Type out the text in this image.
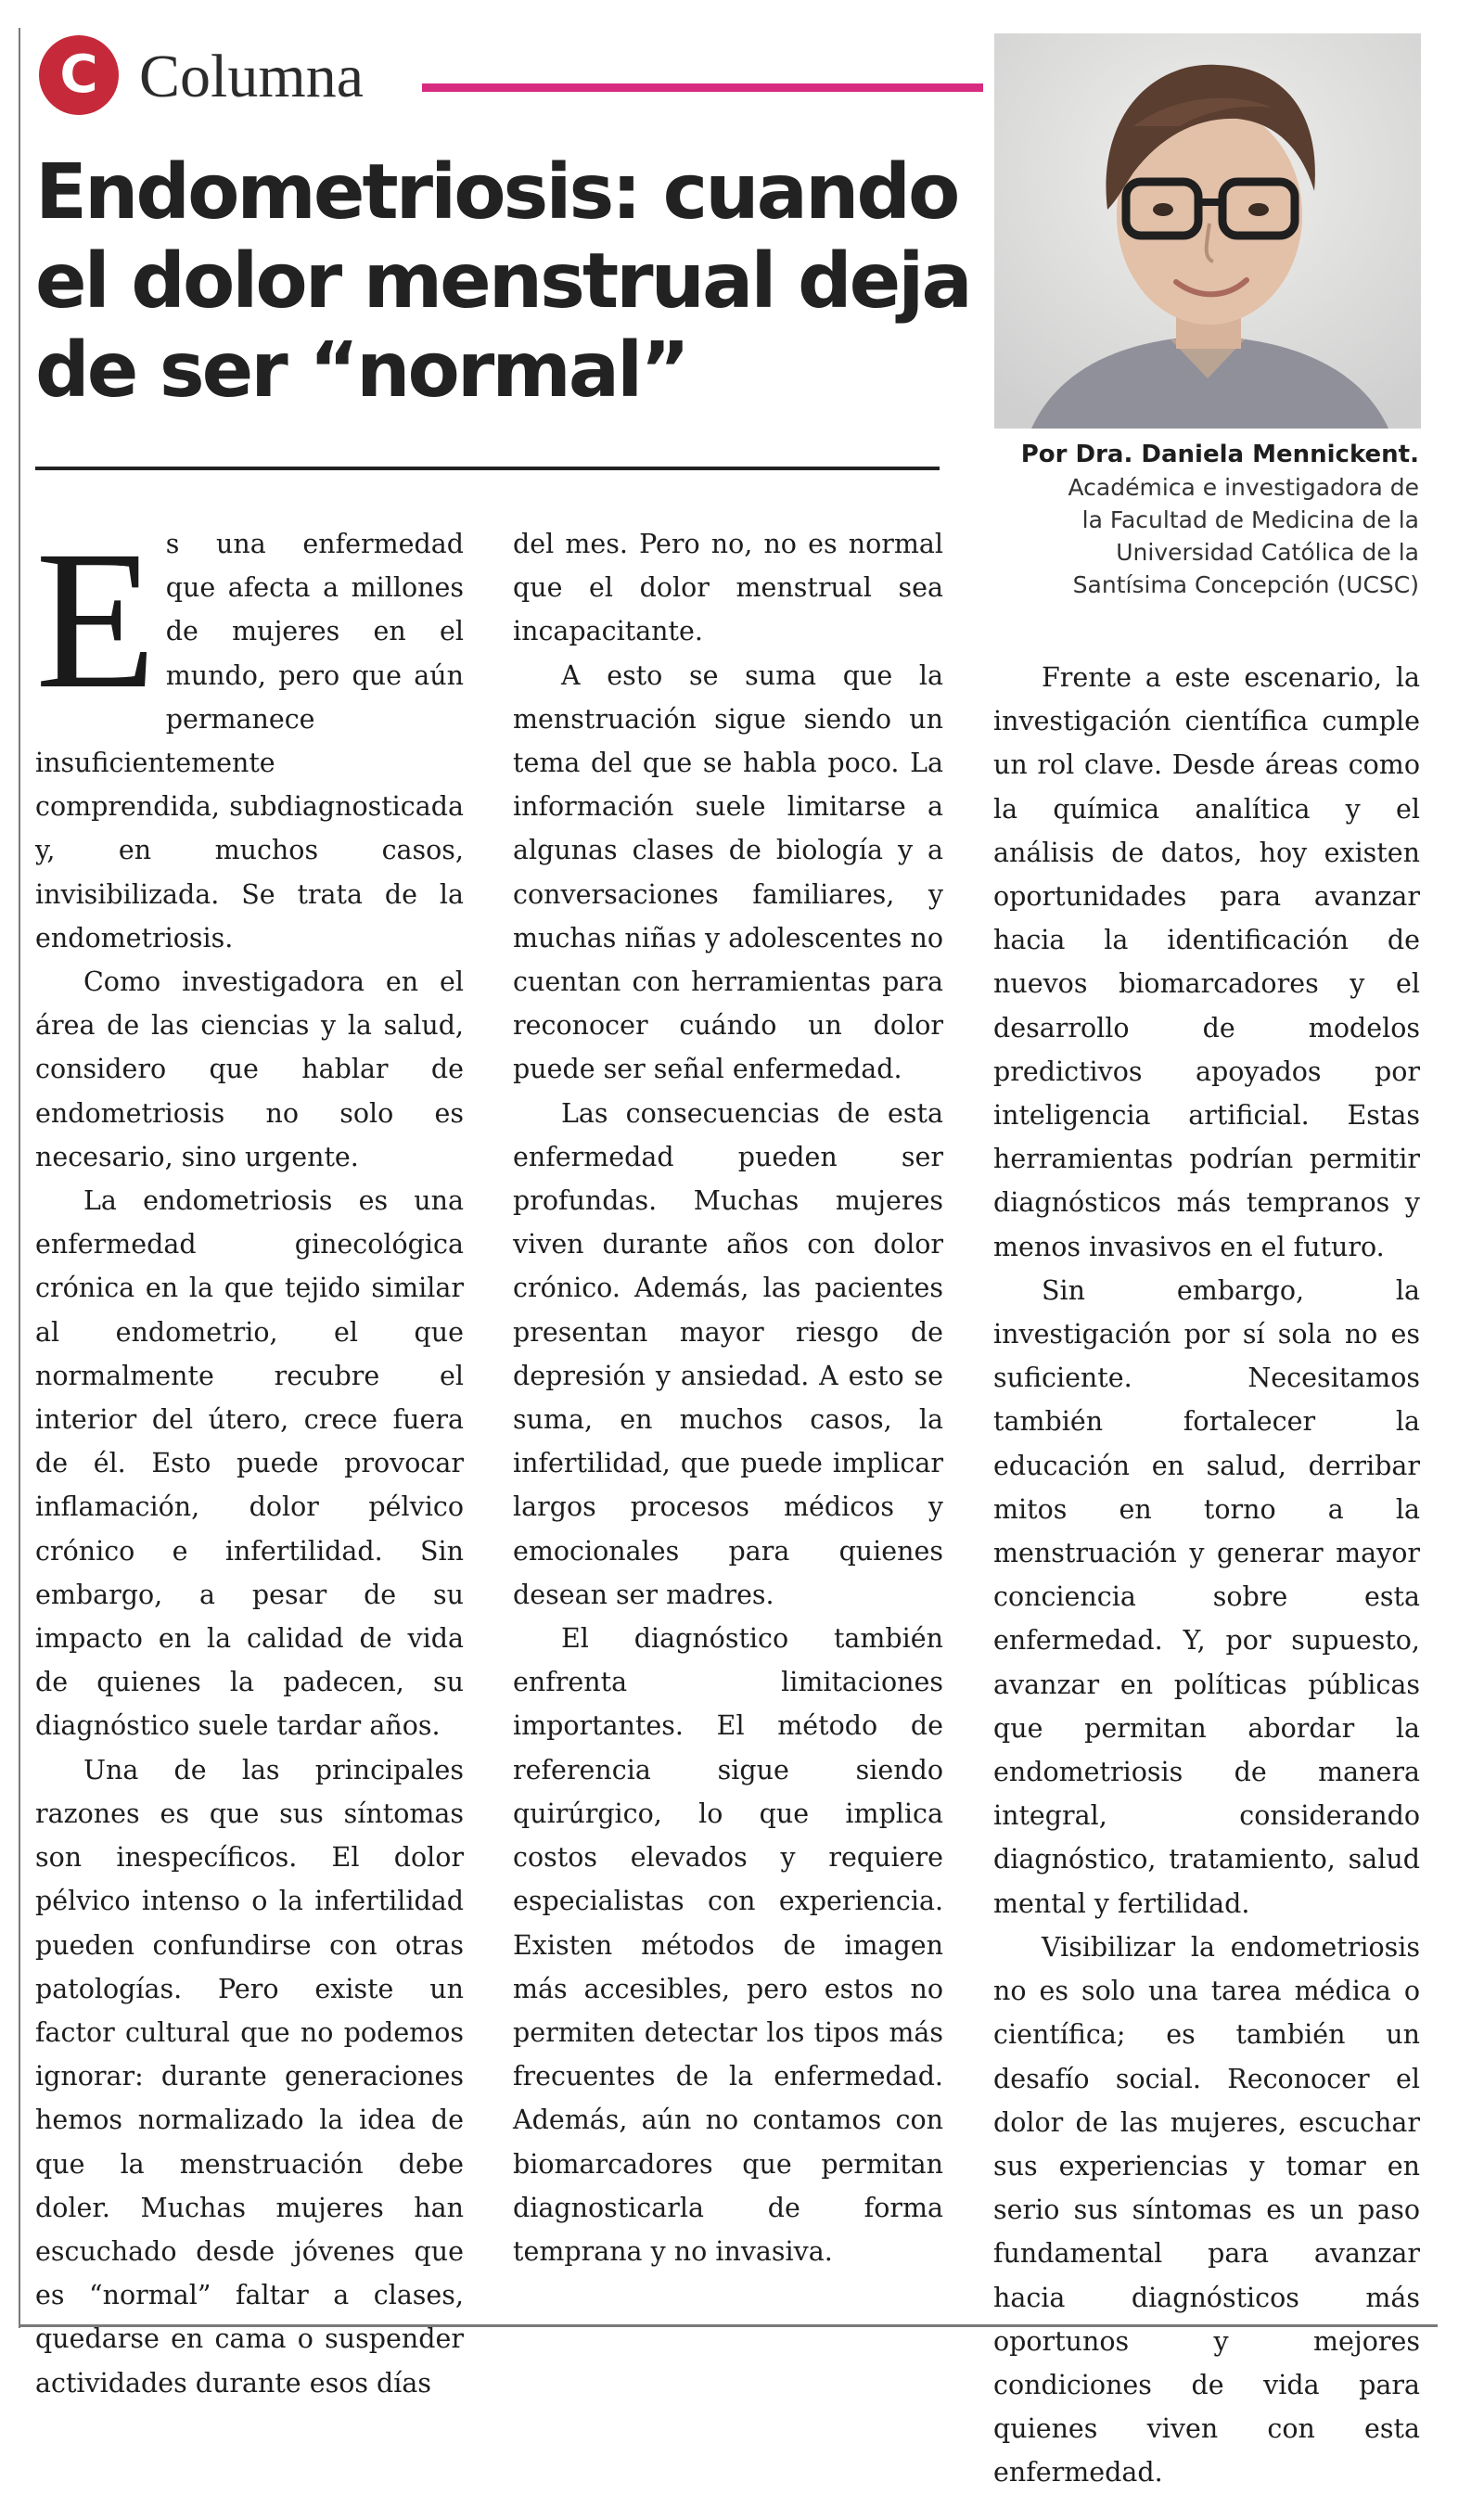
C Columna
Endometriosis: cuando
el dolor menstrual deja
de ser “normal”
Por Dra. Daniela Mennickent.
Académica e investigadora de
la Facultad de Medicina de la
Universidad Católica de la
Santísima Concepción (UCSC)

Es una enfermedad que afecta a millones de mujeres en el mundo, pero que aún permanece insuficientemente comprendida, subdiagnosticada y, en muchos casos, invisibilizada. Se trata de la endometriosis.

Como investigadora en el área de las ciencias y la salud, considero que hablar de endometriosis no solo es necesario, sino urgente.

La endometriosis es una enfermedad ginecológica crónica en la que tejido similar al endometrio, el que normalmente recubre el interior del útero, crece fuera de él. Esto puede provocar inflamación, dolor pélvico crónico e infertilidad. Sin embargo, a pesar de su impacto en la calidad de vida de quienes la padecen, su diagnóstico suele tardar años.

Una de las principales razones es que sus síntomas son inespecíficos. El dolor pélvico intenso o la infertilidad pueden confundirse con otras patologías. Pero existe un factor cultural que no podemos ignorar: durante generaciones hemos normalizado la idea de que la menstruación debe doler. Muchas mujeres han escuchado desde jóvenes que es “normal” faltar a clases, quedarse en cama o suspender actividades durante esos días

del mes. Pero no, no es normal que el dolor menstrual sea incapacitante.

A esto se suma que la menstruación sigue siendo un tema del que se habla poco. La información suele limitarse a algunas clases de biología y a conversaciones familiares, y muchas niñas y adolescentes no cuentan con herramientas para reconocer cuándo un dolor puede ser señal enfermedad.

Las consecuencias de esta enfermedad pueden ser profundas. Muchas mujeres viven durante años con dolor crónico. Además, las pacientes presentan mayor riesgo de depresión y ansiedad. A esto se suma, en muchos casos, la infertilidad, que puede implicar largos procesos médicos y emocionales para quienes desean ser madres.

El diagnóstico también enfrenta limitaciones importantes. El método de referencia sigue siendo quirúrgico, lo que implica costos elevados y requiere especialistas con experiencia. Existen métodos de imagen más accesibles, pero estos no permiten detectar los tipos más frecuentes de la enfermedad. Además, aún no contamos con biomarcadores que permitan diagnosticarla de forma temprana y no invasiva.

Frente a este escenario, la investigación científica cumple un rol clave. Desde áreas como la química analítica y el análisis de datos, hoy existen oportunidades para avanzar hacia la identificación de nuevos biomarcadores y el desarrollo de modelos predictivos apoyados por inteligencia artificial. Estas herramientas podrían permitir diagnósticos más tempranos y menos invasivos en el futuro.

Sin embargo, la investigación por sí sola no es suficiente. Necesitamos también fortalecer la educación en salud, derribar mitos en torno a la menstruación y generar mayor conciencia sobre esta enfermedad. Y, por supuesto, avanzar en políticas públicas que permitan abordar la endometriosis de manera integral, considerando diagnóstico, tratamiento, salud mental y fertilidad.

Visibilizar la endometriosis no es solo una tarea médica o científica; es también un desafío social. Reconocer el dolor de las mujeres, escuchar sus experiencias y tomar en serio sus síntomas es un paso fundamental para avanzar hacia diagnósticos más oportunos y mejores condiciones de vida para quienes viven con esta enfermedad.
